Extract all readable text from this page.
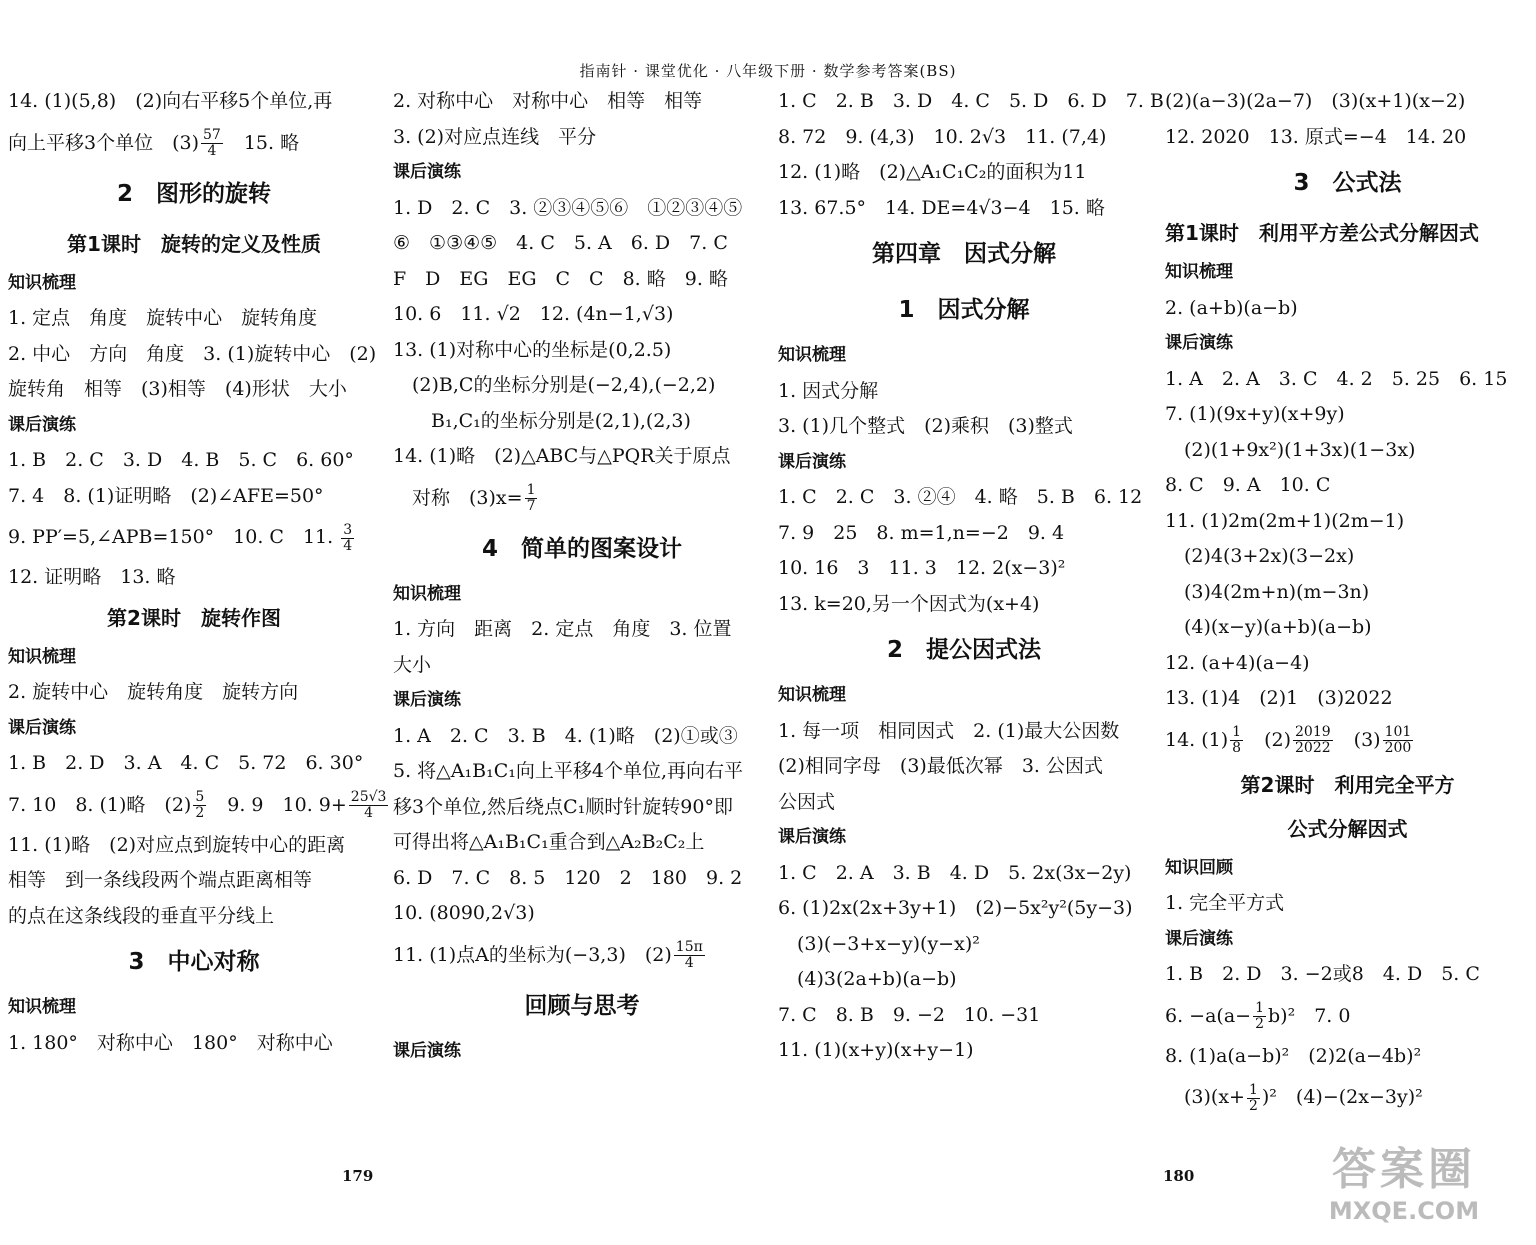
指南针 · 课堂优化 · 八年级下册 · 数学参考答案(BS)
14. (1)(5,8)　(2)向右平移5个单位,再
向上平移3个单位　$(3) \frac{57}{4}$ 　15. 略
2　图形的旋转
第1课时　旋转的定义及性质
知识梳理
1. 定点　角度　旋转中心　旋转角度
2. 中心　方向　角度　3. (1)旋转中心　(2)
旋转角　相等　(3)相等　(4)形状　大小
课后演练
1. B　2. C　3. D　4. B　5. C　6. 60°
7. 4　8. (1)证明略　(2)∠AFE=50°
9. PP′=5,∠APB=150°　10. C　11. $\frac{3}{4}$
12. 证明略　13. 略
第2课时　旋转作图
知识梳理
2. 旋转中心　旋转角度　旋转方向
课后演练
1. B　2. D　3. A　4. C　5. 72　6. 30°
7. 10　8. (1)略　$(2) \frac{5}{2}$ 　9. 9　10. $9+ \frac{25√3}{4}$
11. (1)略　(2)对应点到旋转中心的距离
相等　到一条线段两个端点距离相等
的点在这条线段的垂直平分线上
3　中心对称
知识梳理
1. 180°　对称中心　180°　对称中心
2. 对称中心　对称中心　相等　相等
3. (2)对应点连线　平分
课后演练
1. D　2. C　3. ②③④⑤⑥　①②③④⑤
⑥　①③④⑤　4. C　5. A　6. D　7. C
F　D　EG　EG　C　C　8. 略　9. 略
10. 6　11. √2　12. (4n−1,√3)
13. (1)对称中心的坐标是(0,2.5)
　(2)B,C的坐标分别是(−2,4),(−2,2)
　　B₁,C₁的坐标分别是(2,1),(2,3)
14. (1)略　(2)△ABC与△PQR关于原点
　对称　$(3)x= \frac{1}{7}$
4　简单的图案设计
知识梳理
1. 方向　距离　2. 定点　角度　3. 位置
大小
课后演练
1. A　2. C　3. B　4. (1)略　(2)①或③
5. 将△A₁B₁C₁向上平移4个单位,再向右平
移3个单位,然后绕点C₁顺时针旋转90°即
可得出将△A₁B₁C₁重合到△A₂B₂C₂上
6. D　7. C　8. 5　120　2　180　9. 2
10. (8090,2√3)
11. (1)点A的坐标为(−3,3)　$(2) \frac{15\pi}{4}$
回顾与思考
课后演练
1. C　2. B　3. D　4. C　5. D　6. D　7. B
8. 72　9. (4,3)　10. 2√3　11. (7,4)
12. (1)略　(2)△A₁C₁C₂的面积为11
13. 67.5°　14. DE=4√3−4　15. 略
第四章　因式分解
1　因式分解
知识梳理
1. 因式分解
3. (1)几个整式　(2)乘积　(3)整式
课后演练
1. C　2. C　3. ②④　4. 略　5. B　6. 12
7. 9　25　8. m=1,n=−2　9. 4
10. 16　3　11. 3　12. 2(x−3)²
13. k=20,另一个因式为(x+4)
2　提公因式法
知识梳理
1. 每一项　相同因式　2. (1)最大公因数
(2)相同字母　(3)最低次幂　3. 公因式
公因式
课后演练
1. C　2. A　3. B　4. D　5. 2x(3x−2y)
6. (1)2x(2x+3y+1)　(2)−5x²y²(5y−3)
　(3)(−3+x−y)(y−x)²
　(4)3(2a+b)(a−b)
7. C　8. B　9. −2　10. −31
11. (1)(x+y)(x+y−1)
(2)(a−3)(2a−7)　(3)(x+1)(x−2)
12. 2020　13. 原式=−4　14. 20
3　公式法
第1课时　利用平方差公式分解因式
知识梳理
2. (a+b)(a−b)
课后演练
1. A　2. A　3. C　4. 2　5. 25　6. 15
7. (1)(9x+y)(x+9y)
　(2)(1+9x²)(1+3x)(1−3x)
8. C　9. A　10. C
11. (1)2m(2m+1)(2m−1)
　(2)4(3+2x)(3−2x)
　(3)4(2m+n)(m−3n)
　(4)(x−y)(a+b)(a−b)
12. (a+4)(a−4)
13. (1)4　(2)1　(3)2022
14. $(1) \frac{1}{8}$ 　$(2) \frac{2019}{2022}$ 　$(3) \frac{101}{200}$
第2课时　利用完全平方
公式分解因式
知识回顾
1. 完全平方式
课后演练
1. B　2. D　3. −2或8　4. D　5. C
6. $-a(a- \frac{1}{2} b)^2$　7. 0
8. (1)a(a−b)²　(2)2(a−4b)²
　$(3)(x+ \frac{1}{2} )^2$　(4)−(2x−3y)²
179	180	答案圈
MXQE.COM
